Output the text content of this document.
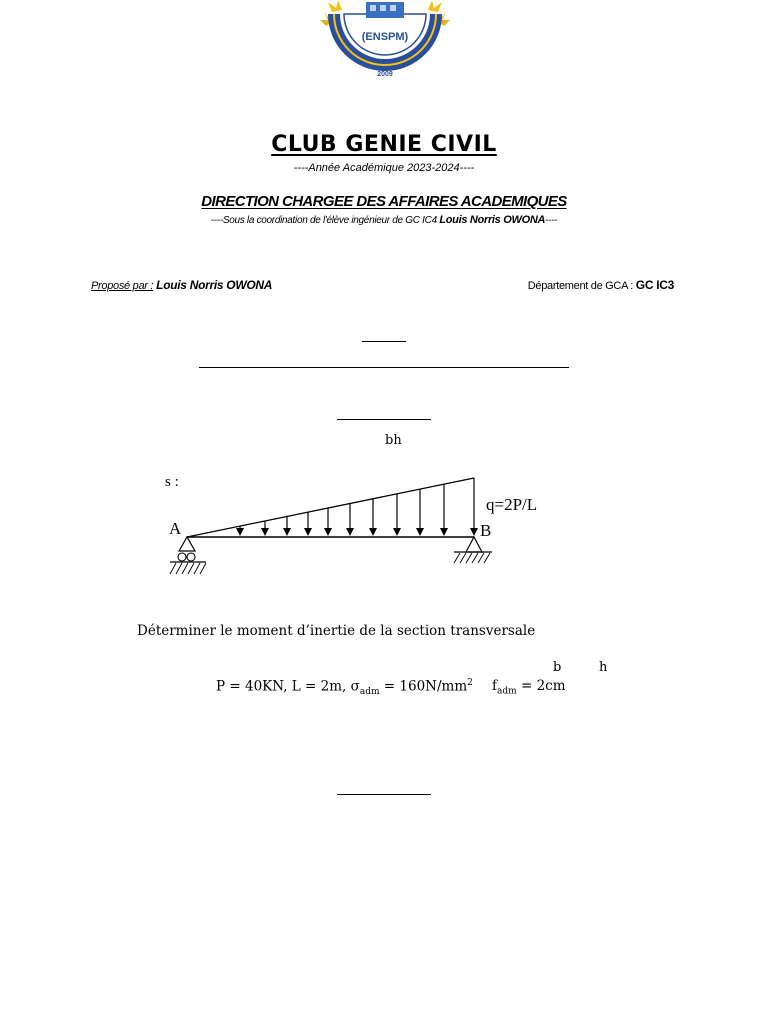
(ENSPM)
2009
CLUB GENIE CIVIL
----Année Académique 2023-2024----
DIRECTION CHARGEE DES AFFAIRES ACADEMIQUES
----Sous la coordination de l'élève ingénieur de GC IC4 Louis Norris OWONA----
Proposé par : Louis Norris OWONA	Département de GCA : GC IC3
bh
s :
A	B
q=2P/L
Déterminer le moment d’inertie de la section transversale
b	h
P = 40KN, L = 2m, $\sigma_{adm} = 160N/mm^2$ $f_{adm} = 2cm$
